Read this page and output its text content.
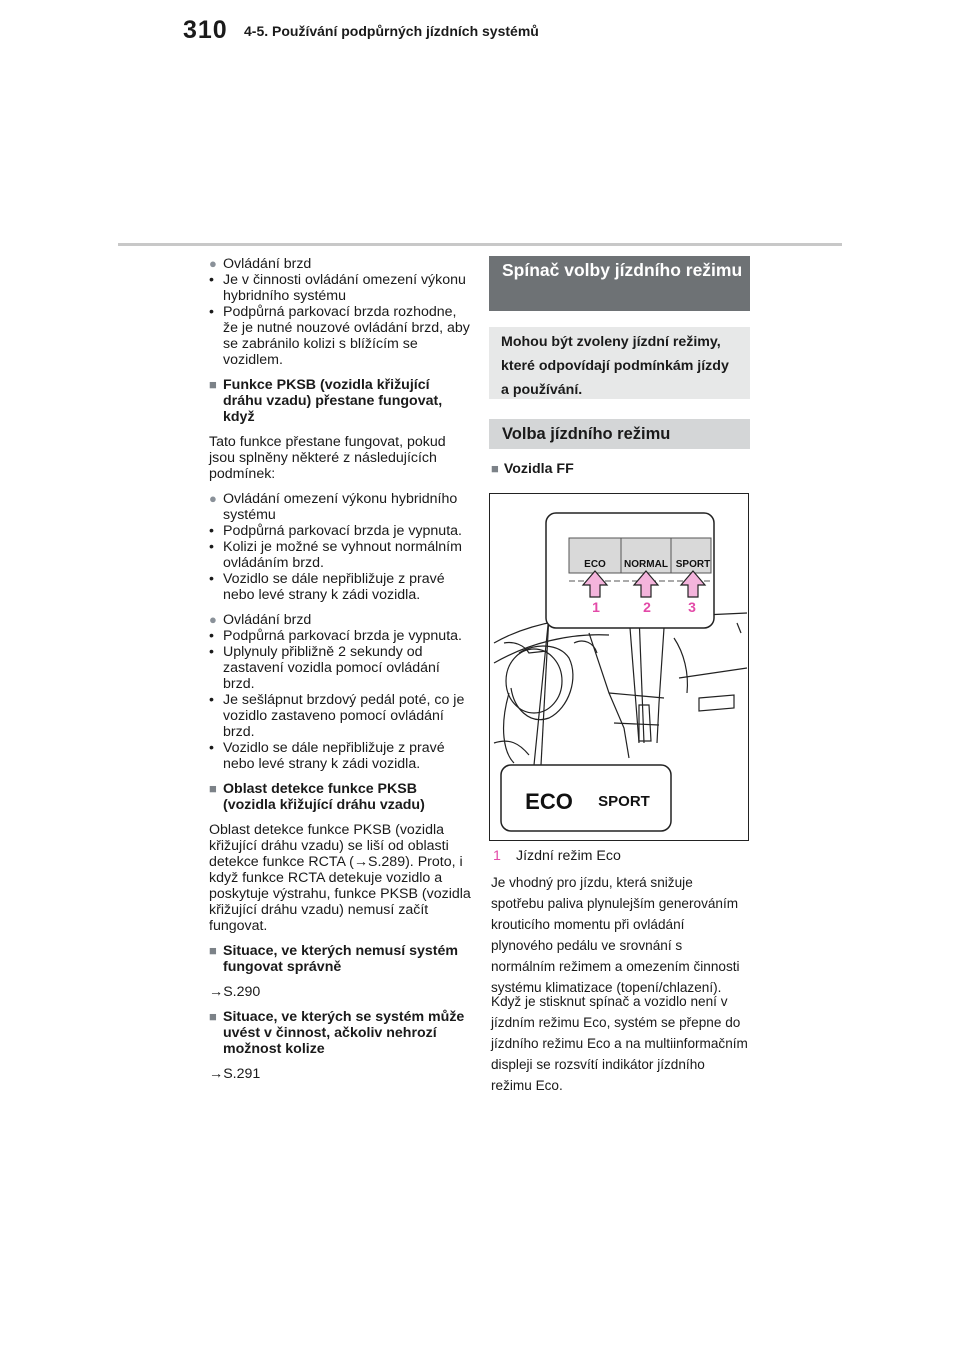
310 4-5. Používání podpůrných jízdních systémů
● Ovládání brzd
• Je v činnosti ovládání omezení výkonu hybridního systému
• Podpůrná parkovací brzda rozhodne, že je nutné nouzové ovládání brzd, aby se zabránilo kolizi s blížícím se vozidlem.
■ Funkce PKSB (vozidla křižující dráhu vzadu) přestane fungovat, když
Tato funkce přestane fungovat, pokud jsou splněny některé z následujících podmínek:
● Ovládání omezení výkonu hybridního systému
• Podpůrná parkovací brzda je vypnuta.
• Kolizi je možné se vyhnout normálním ovládáním brzd.
• Vozidlo se dále nepřibližuje z pravé nebo levé strany k zádi vozidla.
● Ovládání brzd
• Podpůrná parkovací brzda je vypnuta.
• Uplynuly přibližně 2 sekundy od zastavení vozidla pomocí ovládání brzd.
• Je sešlápnut brzdový pedál poté, co je vozidlo zastaveno pomocí ovládání brzd.
• Vozidlo se dále nepřibližuje z pravé nebo levé strany k zádi vozidla.
■ Oblast detekce funkce PKSB (vozidla křižující dráhu vzadu)
Oblast detekce funkce PKSB (vozidla křižující dráhu vzadu) se liší od oblasti detekce funkce RCTA (→S.289). Proto, i když funkce RCTA detekuje vozidlo a poskytuje výstrahu, funkce PKSB (vozidla křižující dráhu vzadu) nemusí začít fungovat.
■ Situace, ve kterých nemusí systém fungovat správně
→S.290
■ Situace, ve kterých se systém může uvést v činnost, ačkoliv nehrozí možnost kolize
→S.291
Spínač volby jízdního režimu
Mohou být zvoleny jízdní režimy, které odpovídají podmínkám jízdy a používání.
Volba jízdního režimu
■ Vozidla FF
ECO NORMAL SPORT
1	2	3
ECO SPORT
1 Jízdní režim Eco
Je vhodný pro jízdu, která snižuje spotřebu paliva plynulejším generováním krouticího momentu při ovládání plynového pedálu ve srovnání s normálním režimem a omezením činnosti systému klimatizace (topení/chlazení).
Když je stisknut spínač a vozidlo není v jízdním režimu Eco, systém se přepne do jízdního režimu Eco a na multiinformačním displeji se rozsvítí indikátor jízdního režimu Eco.
